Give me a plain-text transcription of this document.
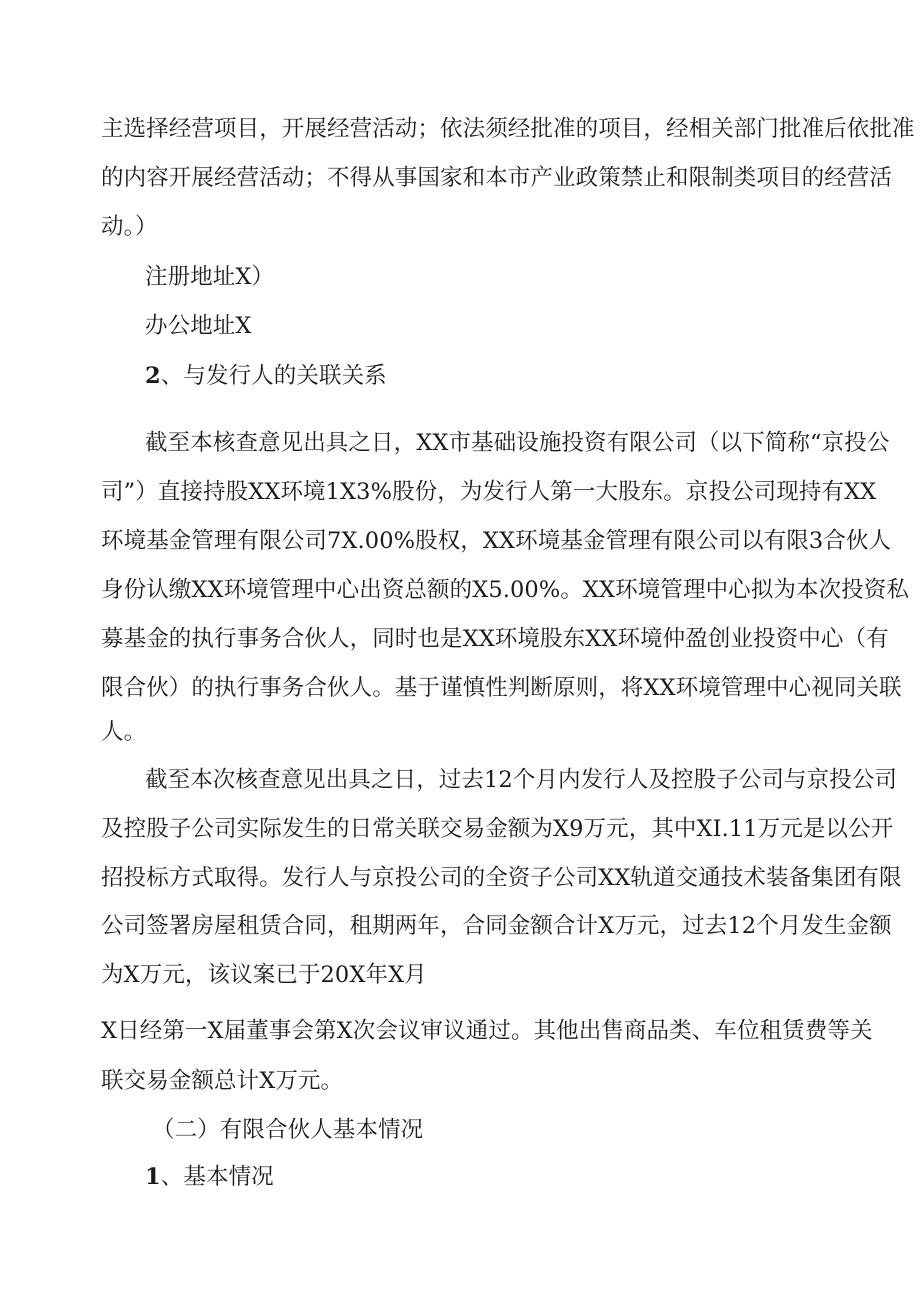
主选择经营项目，开展经营活动；依法须经批准的项目，经相关部门批准后依批准

的内容开展经营活动；不得从事国家和本市产业政策禁止和限制类项目的经营活

动。）

注册地址X）

办公地址X

2、与发行人的关联关系

截至本核查意见出具之日，XX市基础设施投资有限公司（以下简称“京投公

司”）直接持股XX环境1X3%股份，为发行人第一大股东。京投公司现持有XX

环境基金管理有限公司7X.00%股权，XX环境基金管理有限公司以有限3合伙人

身份认缴XX环境管理中心出资总额的X5.00%。XX环境管理中心拟为本次投资私

募基金的执行事务合伙人，同时也是XX环境股东XX环境仲盈创业投资中心（有

限合伙）的执行事务合伙人。基于谨慎性判断原则，将XX环境管理中心视同关联

人。

截至本次核查意见出具之日，过去12个月内发行人及控股子公司与京投公司

及控股子公司实际发生的日常关联交易金额为X9万元，其中XI.11万元是以公开

招投标方式取得。发行人与京投公司的全资子公司XX轨道交通技术装备集团有限

公司签署房屋租赁合同，租期两年，合同金额合计X万元，过去12个月发生金额

为X万元，该议案已于20X年X月

X日经第一X届董事会第X次会议审议通过。其他出售商品类、车位租赁费等关

联交易金额总计X万元。

（二）有限合伙人基本情况

1、基本情况
